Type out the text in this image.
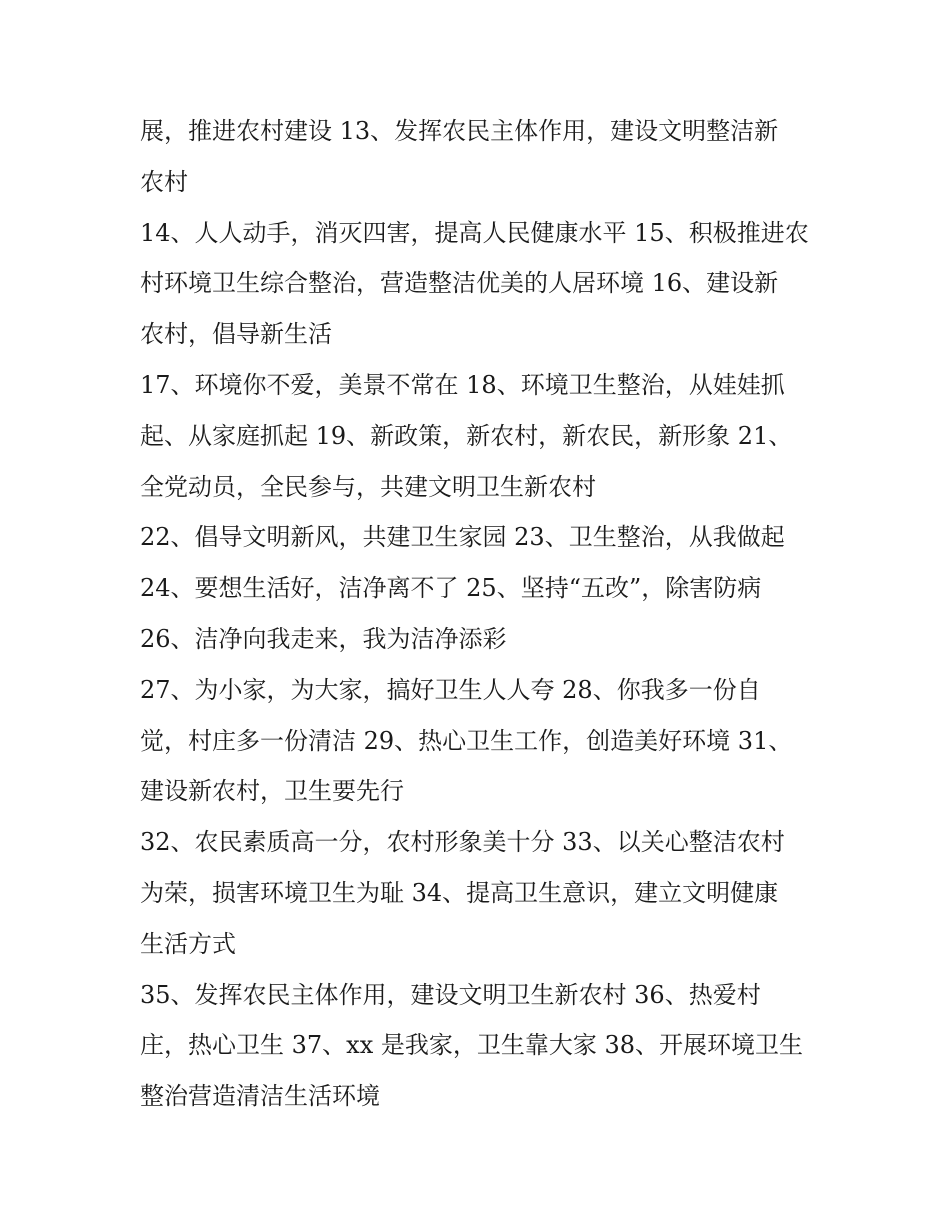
展，推进农村建设 13、发挥农民主体作用，建设文明整洁新
农村
14、人人动手，消灭四害，提高人民健康水平 15、积极推进农
村环境卫生综合整治，营造整洁优美的人居环境 16、建设新
农村，倡导新生活
17、环境你不爱，美景不常在 18、环境卫生整治，从娃娃抓
起、从家庭抓起 19、新政策，新农村，新农民，新形象 21、
全党动员，全民参与，共建文明卫生新农村
22、倡导文明新风，共建卫生家园 23、卫生整治，从我做起
24、要想生活好，洁净离不了 25、坚持“五改”，除害防病
26、洁净向我走来，我为洁净添彩
27、为小家，为大家，搞好卫生人人夸 28、你我多一份自
觉，村庄多一份清洁 29、热心卫生工作，创造美好环境 31、
建设新农村，卫生要先行
32、农民素质高一分，农村形象美十分 33、以关心整洁农村
为荣，损害环境卫生为耻 34、提高卫生意识，建立文明健康
生活方式
35、发挥农民主体作用，建设文明卫生新农村 36、热爱村
庄，热心卫生 37、xx 是我家，卫生靠大家 38、开展环境卫生
整治营造清洁生活环境
